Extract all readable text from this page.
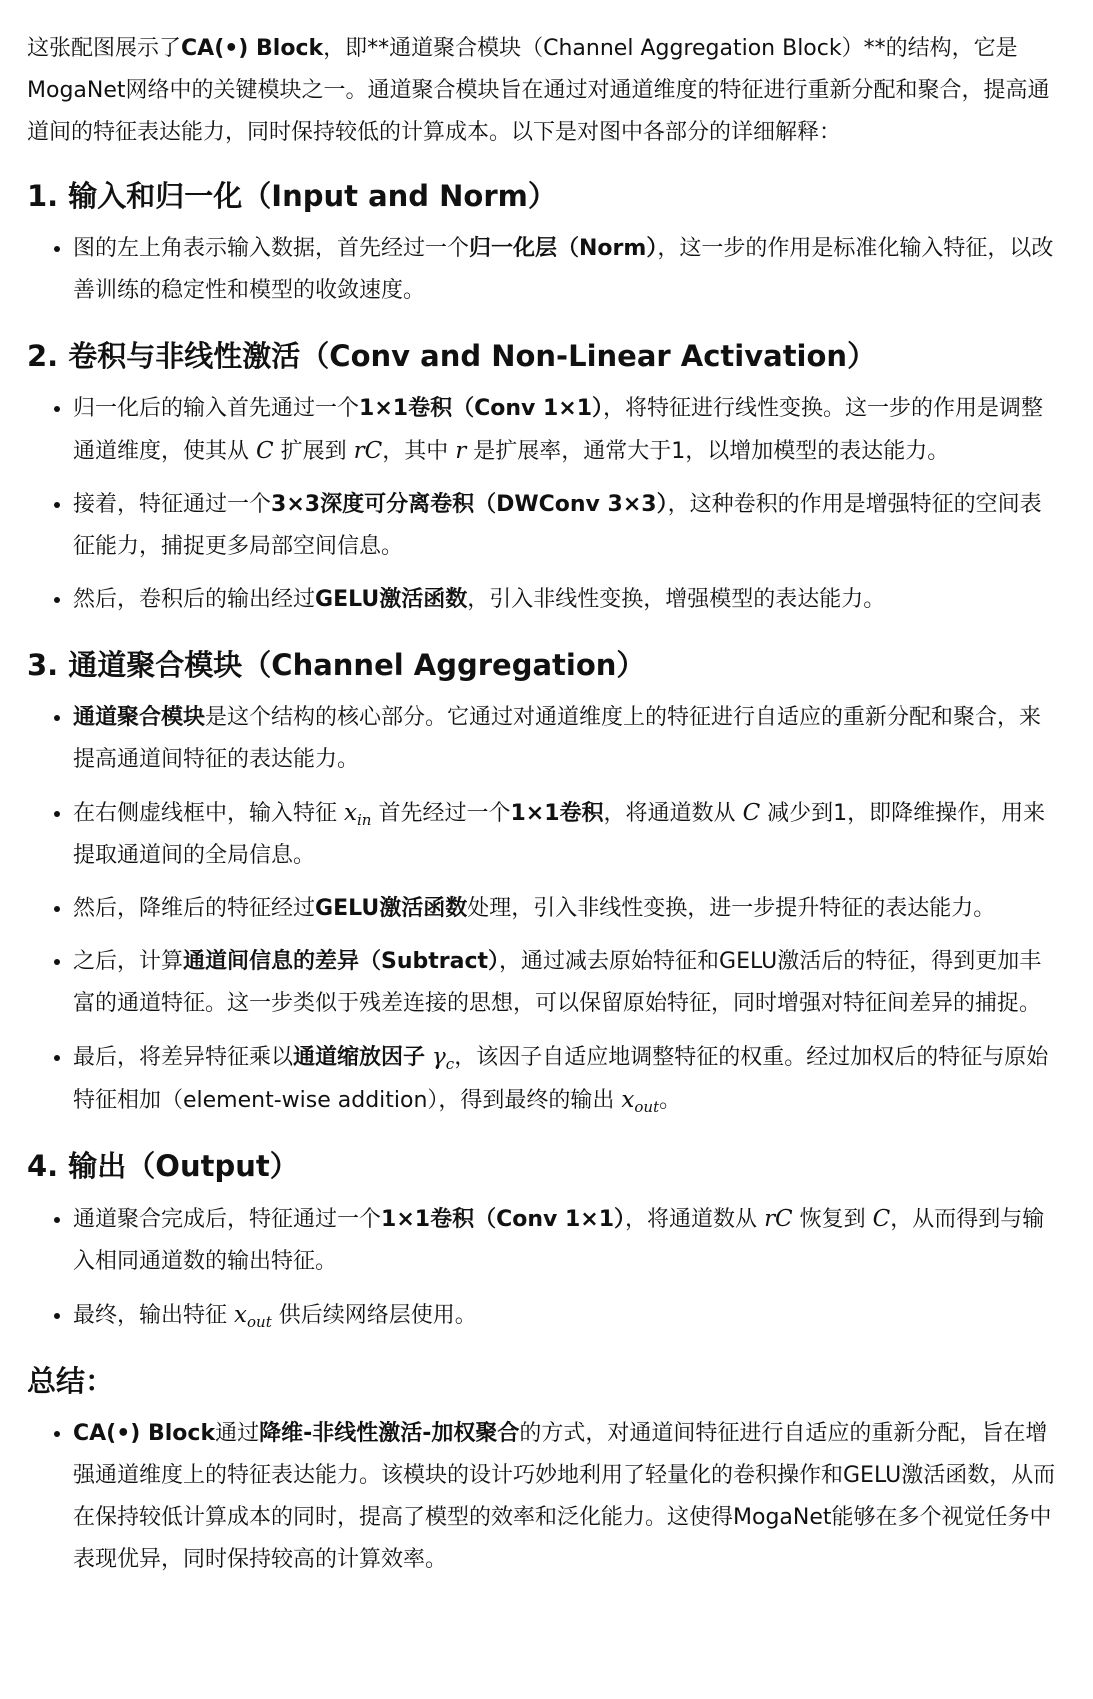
这张配图展示了CA(•) Block，即**通道聚合模块（Channel Aggregation Block）**的结构，它是MogaNet网络中的关键模块之一。通道聚合模块旨在通过对通道维度的特征进行重新分配和聚合，提高通道间的特征表达能力，同时保持较低的计算成本。以下是对图中各部分的详细解释：

1. 输入和归一化（Input and Norm）
• 图的左上角表示输入数据，首先经过一个归一化层（Norm），这一步的作用是标准化输入特征，以改善训练的稳定性和模型的收敛速度。
2. 卷积与非线性激活（Conv and Non-Linear Activation）
• 归一化后的输入首先通过一个1×1卷积（Conv 1×1），将特征进行线性变换。这一步的作用是调整通道维度，使其从 C 扩展到 rC，其中 r 是扩展率，通常大于1，以增加模型的表达能力。
• 接着，特征通过一个3×3深度可分离卷积（DWConv 3×3），这种卷积的作用是增强特征的空间表征能力，捕捉更多局部空间信息。
• 然后，卷积后的输出经过GELU激活函数，引入非线性变换，增强模型的表达能力。
3. 通道聚合模块（Channel Aggregation）
• 通道聚合模块是这个结构的核心部分。它通过对通道维度上的特征进行自适应的重新分配和聚合，来提高通道间特征的表达能力。
• 在右侧虚线框中，输入特征 $x_{in}$ 首先经过一个1×1卷积，将通道数从 C 减少到1，即降维操作，用来提取通道间的全局信息。
• 然后，降维后的特征经过GELU激活函数处理，引入非线性变换，进一步提升特征的表达能力。
• 之后，计算通道间信息的差异（Subtract），通过减去原始特征和GELU激活后的特征，得到更加丰富的通道特征。这一步类似于残差连接的思想，可以保留原始特征，同时增强对特征间差异的捕捉。
• 最后，将差异特征乘以通道缩放因子 $\gamma_c$，该因子自适应地调整特征的权重。经过加权后的特征与原始特征相加（element-wise addition），得到最终的输出 $x_{out}$。
4. 输出（Output）
• 通道聚合完成后，特征通过一个1×1卷积（Conv 1×1），将通道数从 rC 恢复到 C，从而得到与输入相同通道数的输出特征。
• 最终，输出特征 $x_{out}$ 供后续网络层使用。
总结：
• CA(•) Block通过降维-非线性激活-加权聚合的方式，对通道间特征进行自适应的重新分配，旨在增强通道维度上的特征表达能力。该模块的设计巧妙地利用了轻量化的卷积操作和GELU激活函数，从而在保持较低计算成本的同时，提高了模型的效率和泛化能力。这使得MogaNet能够在多个视觉任务中表现优异，同时保持较高的计算效率。
